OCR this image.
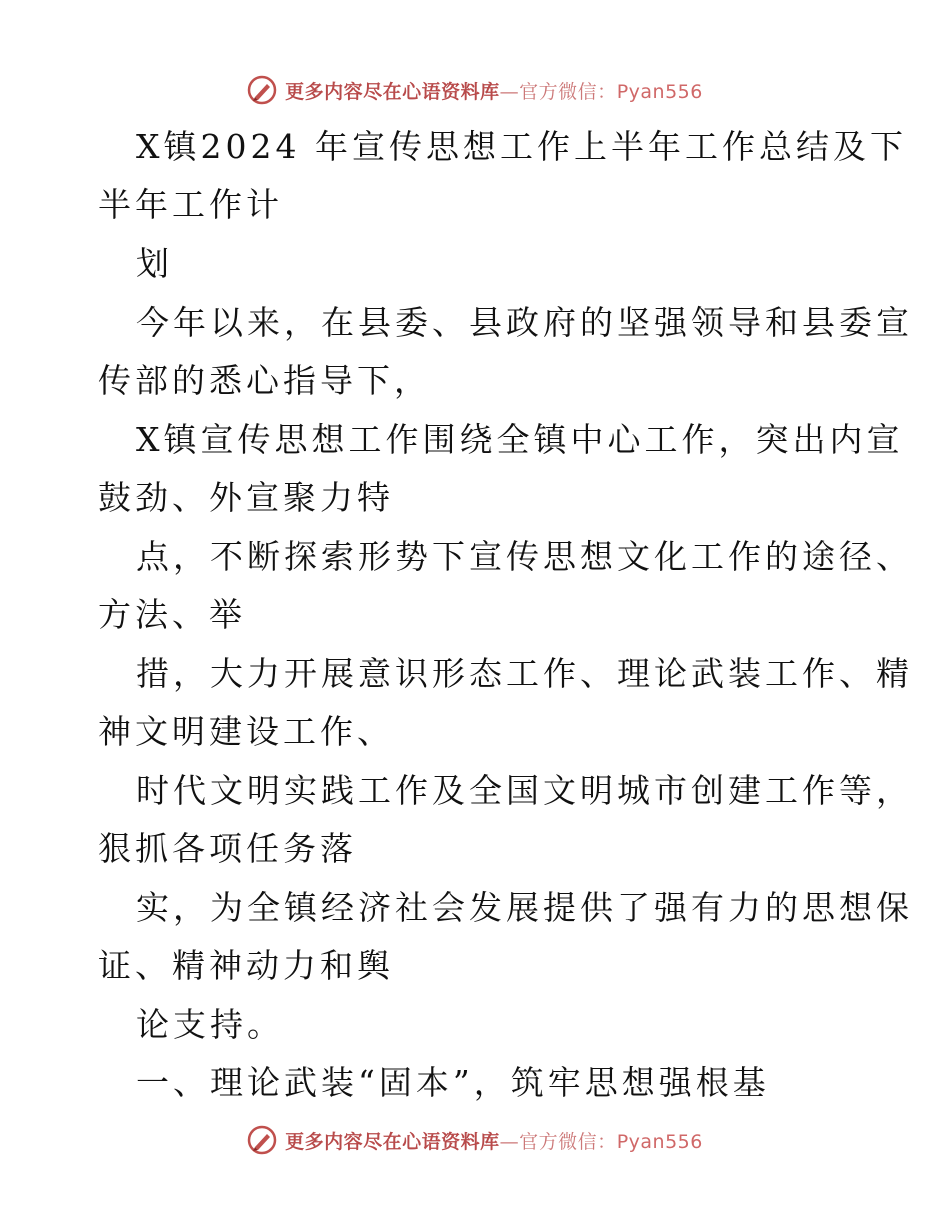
更多内容尽在心语资料库—官方微信：Pyan556
X镇2024 年宣传思想工作上半年工作总结及下
半年工作计
划
今年以来，在县委、县政府的坚强领导和县委宣
传部的悉心指导下，
X镇宣传思想工作围绕全镇中心工作，突出内宣
鼓劲、外宣聚力特
点，不断探索形势下宣传思想文化工作的途径、
方法、举
措，大力开展意识形态工作、理论武装工作、精
神文明建设工作、
时代文明实践工作及全国文明城市创建工作等，
狠抓各项任务落
实，为全镇经济社会发展提供了强有力的思想保
证、精神动力和舆
论支持。
一、理论武装“固本”，筑牢思想强根基
更多内容尽在心语资料库—官方微信：Pyan556
